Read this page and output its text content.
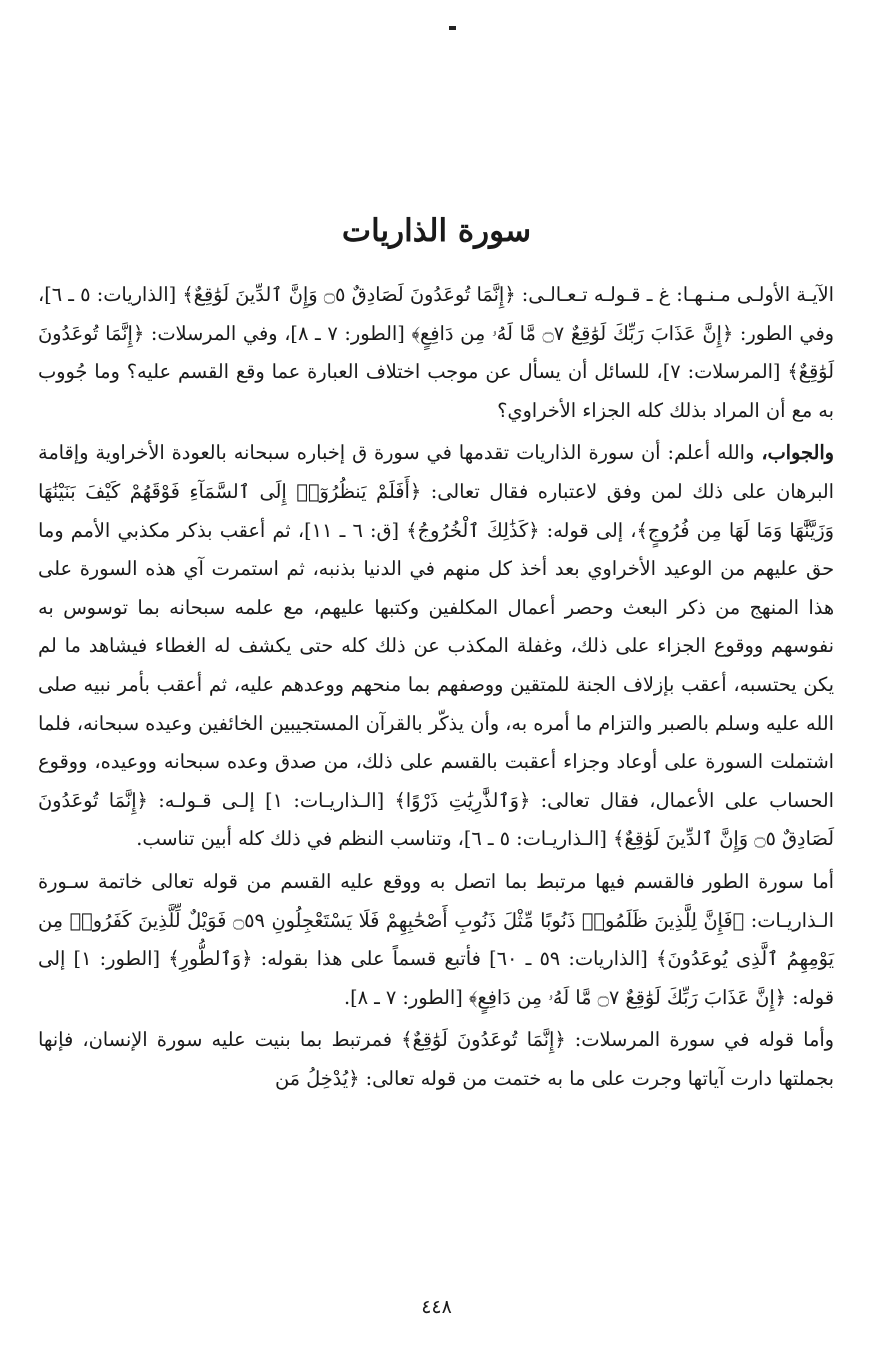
سورة الذاريات

الآيـة الأولـى مـنـهـا: غ ـ قـولـه تـعـالـى: ﴿إِنَّمَا تُوعَدُونَ لَصَادِقٌ ۝٥ وَإِنَّ ٱلدِّينَ لَوَٰقِعٌ﴾ [الذاريات: ٥ ـ ٦]، وفي الطور: ﴿إِنَّ عَذَابَ رَبِّكَ لَوَٰقِعٌ ۝٧ مَّا لَهُۥ مِن دَافِعٍ﴾ [الطور: ٧ ـ ٨]، وفي المرسلات: ﴿إِنَّمَا تُوعَدُونَ لَوَٰقِعٌ﴾ [المرسلات: ٧]، للسائل أن يسأل عن موجب اختلاف العبارة عما وقع القسم عليه؟ وما جُووب به مع أن المراد بذلك كله الجزاء الأخراوي؟

والجواب، والله أعلم: أن سورة الذاريات تقدمها في سورة ق إخباره سبحانه بالعودة الأخراوية وإقامة البرهان على ذلك لمن وفق لاعتباره فقال تعالى: ﴿أَفَلَمْ يَنظُرُوٓا۟ إِلَى ٱلسَّمَآءِ فَوْقَهُمْ كَيْفَ بَنَيْنَٰهَا وَزَيَّنَّٰهَا وَمَا لَهَا مِن فُرُوجٍ﴾، إلى قوله: ﴿كَذَٰلِكَ ٱلْخُرُوجُ﴾ [ق: ٦ ـ ١١]، ثم أعقب بذكر مكذبي الأمم وما حق عليهم من الوعيد الأخراوي بعد أخذ كل منهم في الدنيا بذنبه، ثم استمرت آي هذه السورة على هذا المنهج من ذكر البعث وحصر أعمال المكلفين وكتبها عليهم، مع علمه سبحانه بما توسوس به نفوسهم ووقوع الجزاء على ذلك، وغفلة المكذب عن ذلك كله حتى يكشف له الغطاء فيشاهد ما لم يكن يحتسبه، أعقب بإزلاف الجنة للمتقين ووصفهم بما منحهم ووعدهم عليه، ثم أعقب بأمر نبيه صلى الله عليه وسلم بالصبر والتزام ما أمره به، وأن يذكّر بالقرآن المستجيبين الخائفين وعيده سبحانه، فلما اشتملت السورة على أوعاد وجزاء أعقبت بالقسم على ذلك، من صدق وعده سبحانه ووعيده، ووقوع الحساب على الأعمال، فقال تعالى: ﴿وَٱلذَّٰرِيَٰتِ ذَرْوًا﴾ [الـذاريـات: ١] إلـى قـولـه: ﴿إِنَّمَا تُوعَدُونَ لَصَادِقٌ ۝٥ وَإِنَّ ٱلدِّينَ لَوَٰقِعٌ﴾ [الـذاريـات: ٥ ـ ٦]، وتناسب النظم في ذلك كله أبين تناسب.

أما سورة الطور فالقسم فيها مرتبط بما اتصل به ووقع عليه القسم من قوله تعالى خاتمة سـورة الـذاريـات: ﴿فَإِنَّ لِلَّذِينَ ظَلَمُوا۟ ذَنُوبًا مِّثْلَ ذَنُوبِ أَصْحَٰبِهِمْ فَلَا يَسْتَعْجِلُونِ ۝٥٩ فَوَيْلٌ لِّلَّذِينَ كَفَرُوا۟ مِن يَوْمِهِمُ ٱلَّذِى يُوعَدُونَ﴾ [الذاريات: ٥٩ ـ ٦٠] فأتبع قسماً على هذا بقوله: ﴿وَٱلطُّورِ﴾ [الطور: ١] إلى قوله: ﴿إِنَّ عَذَابَ رَبِّكَ لَوَٰقِعٌ ۝٧ مَّا لَهُۥ مِن دَافِعٍ﴾ [الطور: ٧ ـ ٨].

وأما قوله في سورة المرسلات: ﴿إِنَّمَا تُوعَدُونَ لَوَٰقِعٌ﴾ فمرتبط بما بنيت عليه سورة الإنسان، فإنها بجملتها دارت آياتها وجرت على ما به ختمت من قوله تعالى: ﴿يُدْخِلُ مَن

٤٤٨
